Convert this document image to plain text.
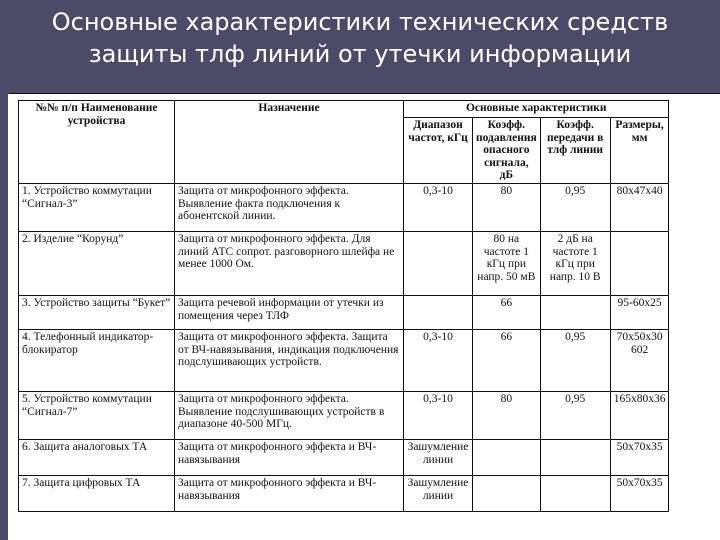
Основные характеристики технических средств
защиты тлф линий от утечки информации
№№ п/п Наименование устройства	Назначение	Основные характеристики			
		Диапазон частот, кГц	Коэфф. подавления опасного сигнала, дБ	Коэфф. передачи в тлф линии	Размеры, мм
1. Устройство коммутации “Сигнал-3”	Защита от микрофонного эффекта. Выявление факта подключения к абонентской линии.	0,3-10	80	0,95	80x47x40
2. Изделие “Корунд”	Защита от микрофонного эффекта. Для линий АТС сопрот. разговорного шлейфа не менее 1000 Ом.		80 на частоте 1 кГц при напр. 50 мВ	2 дБ на частоте 1 кГц при напр. 10 В	
3. Устройство защиты “Букет”	Защита речевой информации от утечки из помещения через ТЛФ		66		95-60x25
4. Телефонный индикатор-блокиратор	Защита от микрофонного эффекта. Защита от ВЧ-навязывания, индикация подключения подслушивающих устройств.	0,3-10	66	0,95	70x50x30 602
5. Устройство коммутации “Сигнал-7”	Защита от микрофонного эффекта. Выявление подслушивающих устройств в диапазоне 40-500 МГц.	0,3-10	80	0,95	165x80x36
6. Защита аналоговых ТА	Защита от микрофонного эффекта и ВЧ-навязывания	Зашумление линии			50x70x35
7. Защита цифровых ТА	Защита от микрофонного эффекта и ВЧ-навязывания	Зашумление линии			50x70x35
